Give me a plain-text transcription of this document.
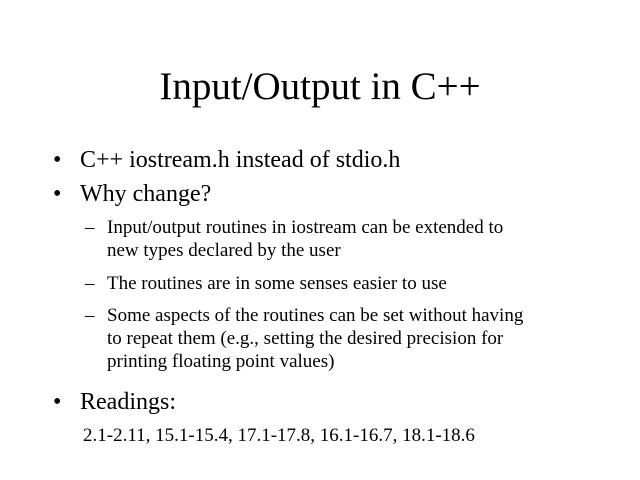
Input/Output in C++
• C++ iostream.h instead of stdio.h
• Why change?
– Input/output routines in iostream can be extended to
new types declared by the user
– The routines are in some senses easier to use
– Some aspects of the routines can be set without having
to repeat them (e.g., setting the desired precision for
printing floating point values)
• Readings:
2.1-2.11, 15.1-15.4, 17.1-17.8, 16.1-16.7, 18.1-18.6
